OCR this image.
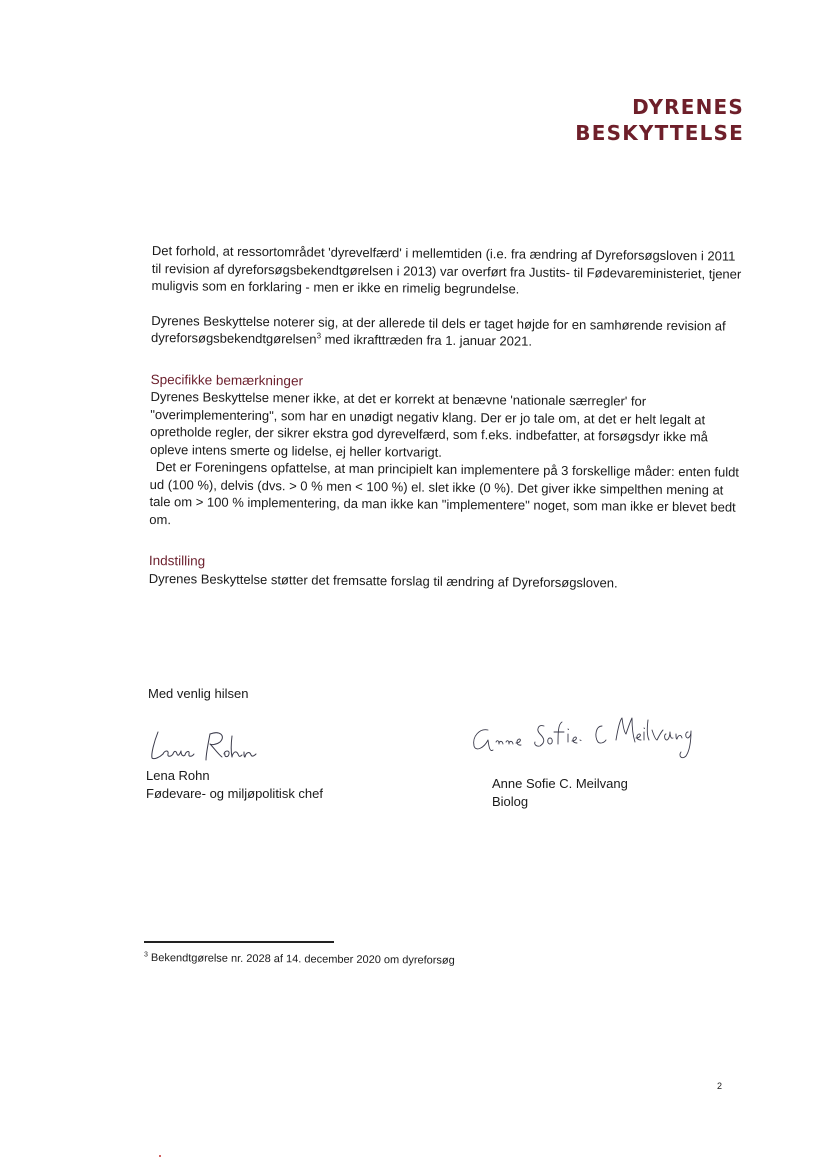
DYRENES
BESKYTTELSE

Det forhold, at ressortområdet 'dyrevelfærd' i mellemtiden (i.e. fra ændring af Dyreforsøgsloven i 2011 til revision af dyreforsøgsbekendtgørelsen i 2013) var overført fra Justits- til Fødevareministeriet, tjener muligvis som en forklaring - men er ikke en rimelig begrundelse.

Dyrenes Beskyttelse noterer sig, at der allerede til dels er taget højde for en samhørende revision af dyreforsøgsbekendtgørelsen$^3$ med ikrafttræden fra 1. januar 2021.

Specifikke bemærkninger

Dyrenes Beskyttelse mener ikke, at det er korrekt at benævne 'nationale særregler' for "overimplementering", som har en unødigt negativ klang. Der er jo tale om, at det er helt legalt at opretholde regler, der sikrer ekstra god dyrevelfærd, som f.eks. indbefatter, at forsøgsdyr ikke må opleve intens smerte og lidelse, ej heller kortvarigt.

Det er Foreningens opfattelse, at man principielt kan implementere på 3 forskellige måder: enten fuldt ud (100 %), delvis (dvs. > 0 % men < 100 %) el. slet ikke (0 %). Det giver ikke simpelthen mening at tale om > 100 % implementering, da man ikke kan "implementere" noget, som man ikke er blevet bedt om.

Indstilling

Dyrenes Beskyttelse støtter det fremsatte forslag til ændring af Dyreforsøgsloven.

Med venlig hilsen
Lena Rohn
Fødevare- og miljøpolitisk chef
Anne Sofie C. Meilvang
Biolog
$^3$ Bekendtgørelse nr. 2028 af 14. december 2020 om dyreforsøg
2
